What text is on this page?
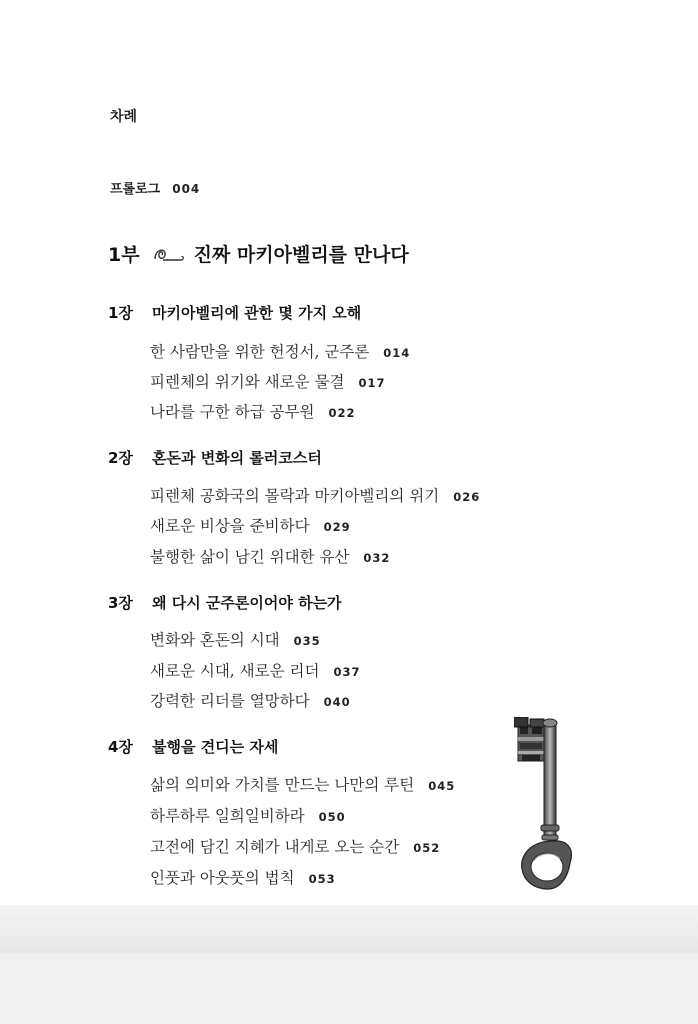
차례
프롤로그 004
1부	진짜 마키아벨리를 만나다
1장 마키아벨리에 관한 몇 가지 오해
한 사람만을 위한 헌정서, 군주론 014
피렌체의 위기와 새로운 물결 017
나라를 구한 하급 공무원 022
2장 혼돈과 변화의 롤러코스터
피렌체 공화국의 몰락과 마키아벨리의 위기 026
새로운 비상을 준비하다 029
불행한 삶이 남긴 위대한 유산 032
3장 왜 다시 군주론이어야 하는가
변화와 혼돈의 시대 035
새로운 시대, 새로운 리더 037
강력한 리더를 열망하다 040
4장 불행을 견디는 자세
삶의 의미와 가치를 만드는 나만의 루틴 045
하루하루 일희일비하라 050
고전에 담긴 지혜가 내게로 오는 순간 052
인풋과 아웃풋의 법칙 053
